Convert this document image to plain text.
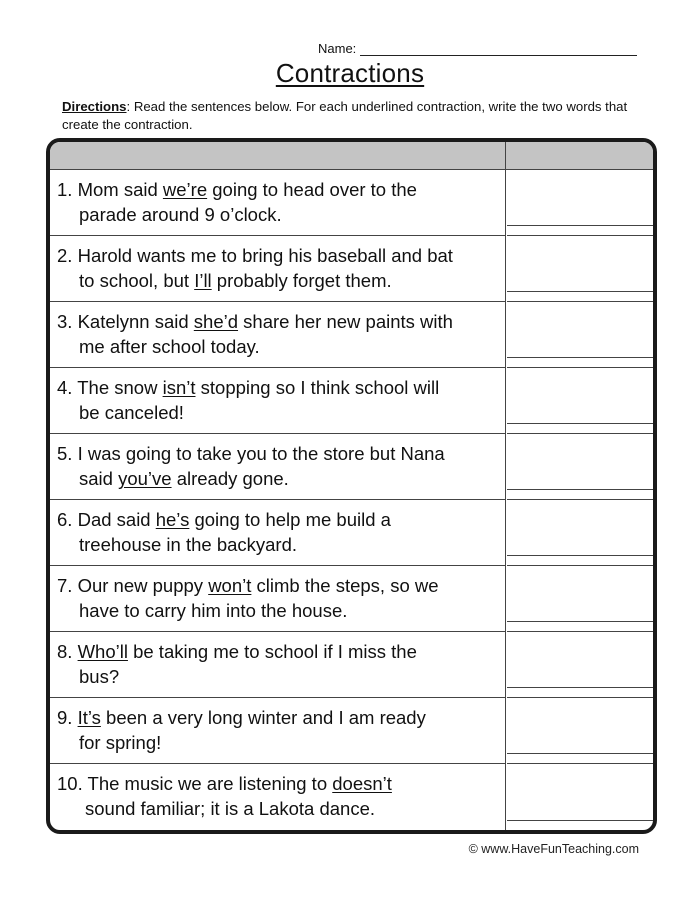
Name:
Contractions
Directions: Read the sentences below. For each underlined contraction, write the two words that create the contraction.
1. Mom said we’re going to head over to the
parade around 9 o’clock.
2. Harold wants me to bring his baseball and bat
to school, but I’ll probably forget them.
3. Katelynn said she’d share her new paints with
me after school today.
4. The snow isn’t stopping so I think school will
be canceled!
5. I was going to take you to the store but Nana
said you’ve already gone.
6. Dad said he’s going to help me build a
treehouse in the backyard.
7. Our new puppy won’t climb the steps, so we
have to carry him into the house.
8. Who’ll be taking me to school if I miss the
bus?
9. It’s been a very long winter and I am ready
for spring!
10. The music we are listening to doesn’t
sound familiar; it is a Lakota dance.
© www.HaveFunTeaching.com
